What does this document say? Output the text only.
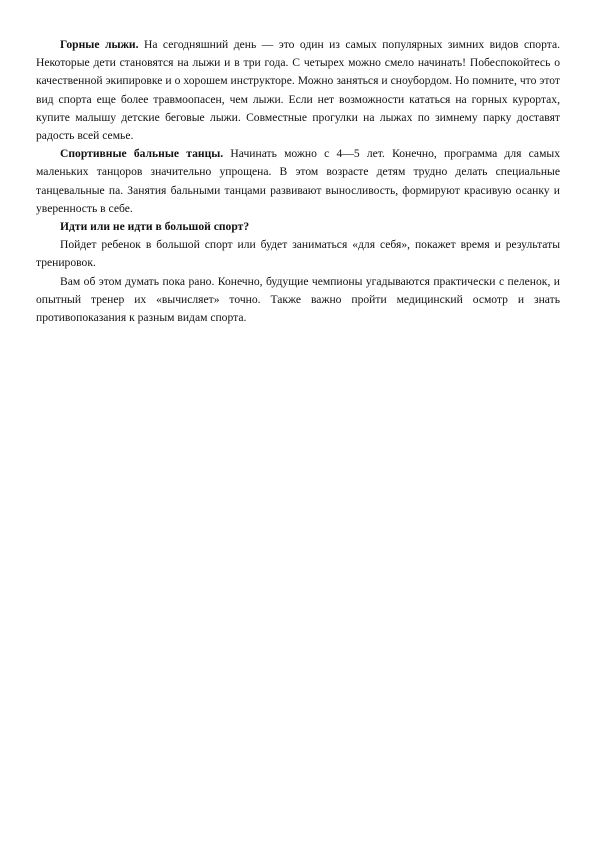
Горные лыжи. На сегодняшний день — это один из самых популярных зимних видов спорта. Некоторые дети становятся на лыжи и в три года. С четырех можно смело начинать! Побеспокойтесь о качественной экипировке и о хорошем инструкторе. Можно заняться и сноубордом. Но помните, что этот вид спорта еще более травмоопасен, чем лыжи. Если нет возможности кататься на горных курортах, купите малышу детские беговые лыжи. Совместные прогулки на лыжах по зимнему парку доставят радость всей семье.

Спортивные бальные танцы. Начинать можно с 4—5 лет. Конечно, программа для самых маленьких танцоров значительно упрощена. В этом возрасте детям трудно делать специальные танцевальные па. Занятия бальными танцами развивают выносливость, формируют красивую осанку и уверенность в себе.

Идти или не идти в большой спорт?

Пойдет ребенок в большой спорт или будет заниматься «для себя», покажет время и результаты тренировок.

Вам об этом думать пока рано. Конечно, будущие чемпионы угадываются практически с пеленок, и опытный тренер их «вычисляет» точно. Также важно пройти медицинский осмотр и знать противопоказания к разным видам спорта.
